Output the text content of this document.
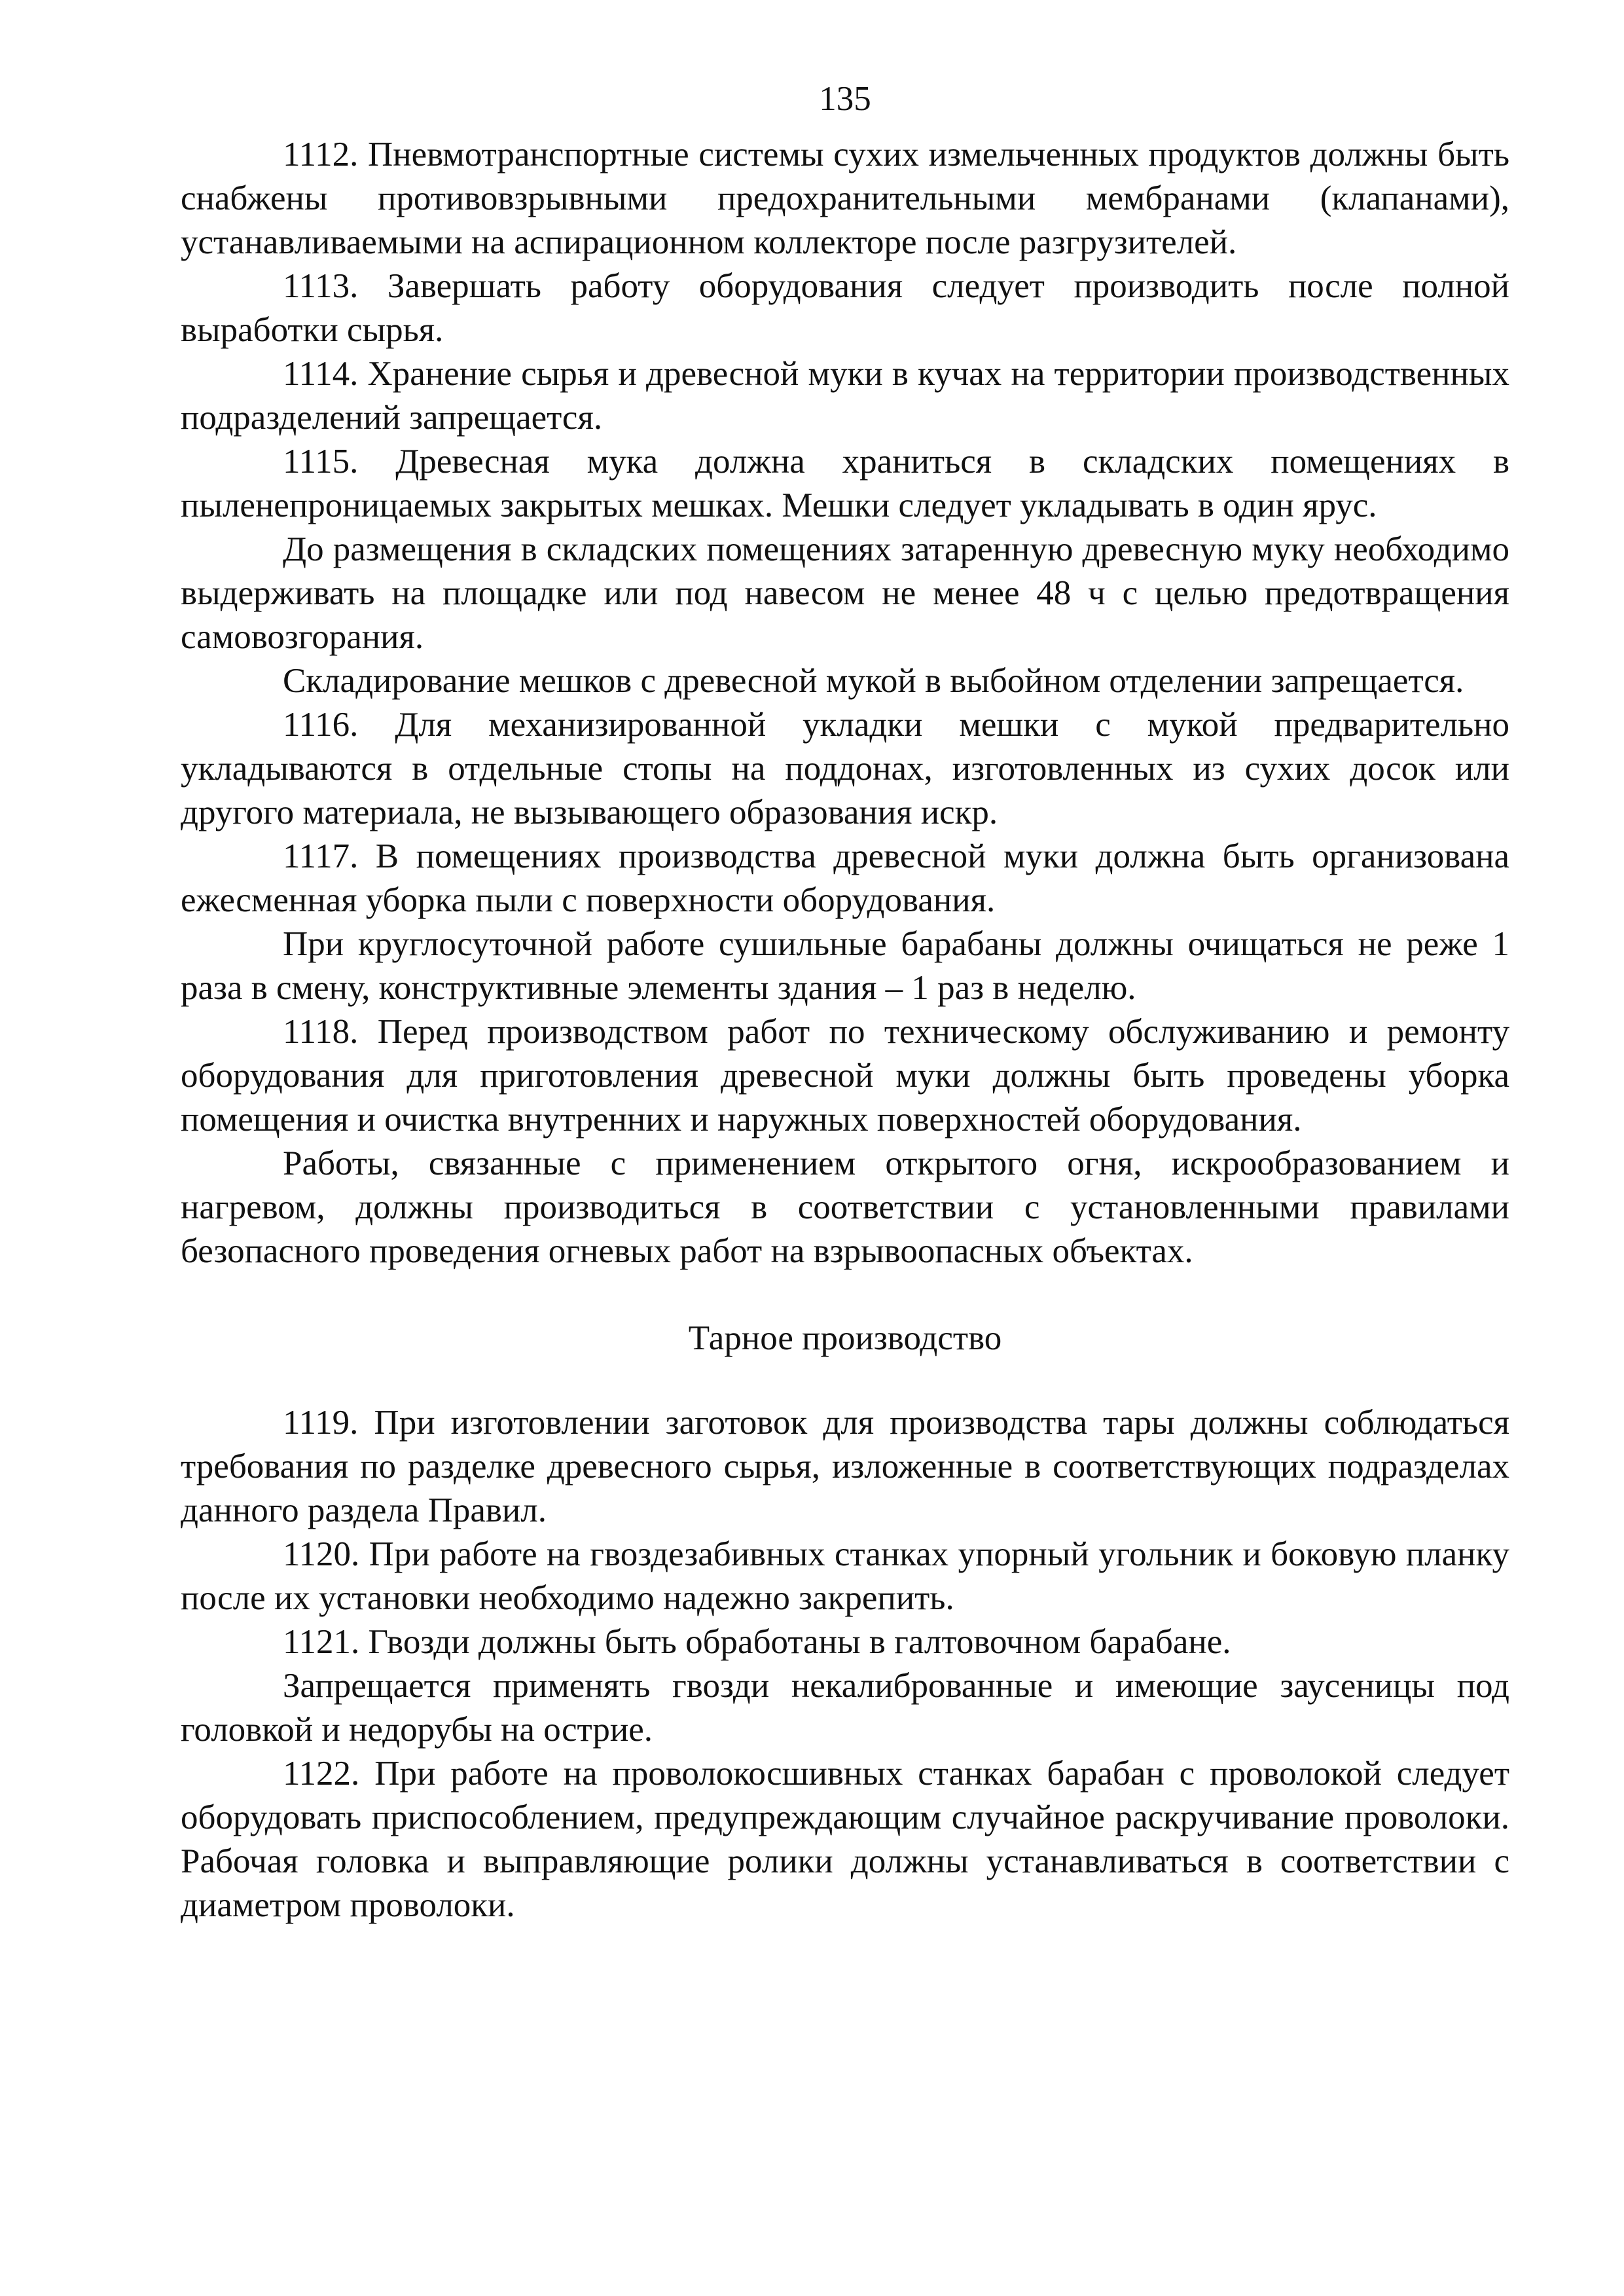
135

1112. Пневмотранспортные системы сухих измельченных продуктов должны быть снабжены противовзрывными предохранительными мембранами (клапанами), устанавливаемыми на аспирационном коллекторе после разгрузителей.

1113. Завершать работу оборудования следует производить после полной выработки сырья.

1114. Хранение сырья и древесной муки в кучах на территории производственных подразделений запрещается.

1115. Древесная мука должна храниться в складских помещениях в пыленепроницаемых закрытых мешках. Мешки следует укладывать в один ярус.

До размещения в складских помещениях затаренную древесную муку необходимо выдерживать на площадке или под навесом не менее 48 ч с целью предотвращения самовозгорания.

Складирование мешков с древесной мукой в выбойном отделении запрещается.

1116. Для механизированной укладки мешки с мукой предварительно укладываются в отдельные стопы на поддонах, изготовленных из сухих досок или другого материала, не вызывающего образования искр.

1117. В помещениях производства древесной муки должна быть организована ежесменная уборка пыли с поверхности оборудования.

При круглосуточной работе сушильные барабаны должны очищаться не реже 1 раза в смену, конструктивные элементы здания – 1 раз в неделю.

1118. Перед производством работ по техническому обслуживанию и ремонту оборудования для приготовления древесной муки должны быть проведены уборка помещения и очистка внутренних и наружных поверхностей оборудования.

Работы, связанные с применением открытого огня, искрообразованием и нагревом, должны производиться в соответствии с установленными правилами безопасного проведения огневых работ на взрывоопасных объектах.

Тарное производство

1119. При изготовлении заготовок для производства тары должны соблюдаться требования по разделке древесного сырья, изложенные в соответствующих подразделах данного раздела Правил.

1120. При работе на гвоздезабивных станках упорный угольник и боковую планку после их установки необходимо надежно закрепить.

1121. Гвозди должны быть обработаны в галтовочном барабане.

Запрещается применять гвозди некалиброванные и имеющие заусеницы под головкой и недорубы на острие.

1122. При работе на проволокосшивных станках барабан с проволокой следует оборудовать приспособлением, предупреждающим случайное раскручивание проволоки. Рабочая головка и выправляющие ролики должны устанавливаться в соответствии с диаметром проволоки.
